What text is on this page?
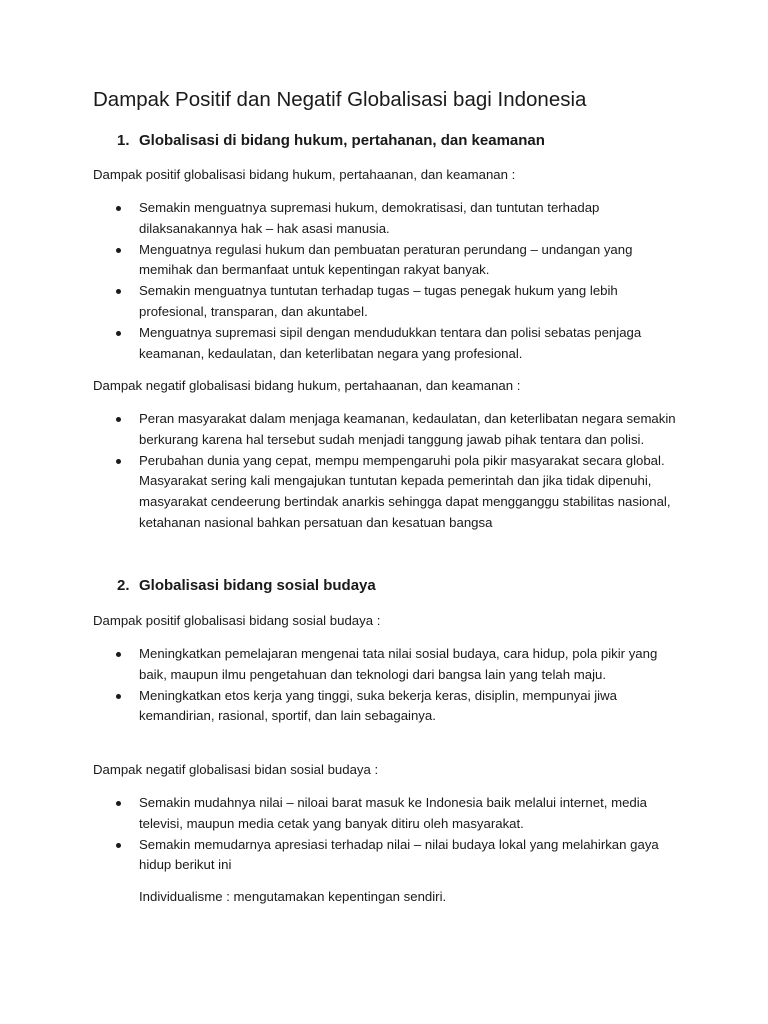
Dampak Positif dan Negatif Globalisasi bagi Indonesia
1. Globalisasi di bidang hukum, pertahanan, dan keamanan

Dampak positif globalisasi bidang hukum, pertahaanan, dan keamanan :

Semakin menguatnya supremasi hukum, demokratisasi, dan tuntutan terhadap dilaksanakannya hak – hak asasi manusia.
Menguatnya regulasi hukum dan pembuatan peraturan perundang – undangan yang memihak dan bermanfaat untuk kepentingan rakyat banyak.
Semakin menguatnya tuntutan terhadap tugas – tugas penegak hukum yang lebih profesional, transparan, dan akuntabel.
Menguatnya supremasi sipil dengan mendudukkan tentara dan polisi sebatas penjaga keamanan, kedaulatan, dan keterlibatan negara yang profesional.

Dampak negatif globalisasi bidang hukum, pertahaanan, dan keamanan :

Peran masyarakat dalam menjaga keamanan, kedaulatan, dan keterlibatan negara semakin berkurang karena hal tersebut sudah menjadi tanggung jawab pihak tentara dan polisi.
Perubahan dunia yang cepat, mempu mempengaruhi pola pikir masyarakat secara global. Masyarakat sering kali mengajukan tuntutan kepada pemerintah dan jika tidak dipenuhi, masyarakat cendeerung bertindak anarkis sehingga dapat mengganggu stabilitas nasional, ketahanan nasional bahkan persatuan dan kesatuan bangsa
2. Globalisasi bidang sosial budaya

Dampak positif globalisasi bidang sosial budaya :

Meningkatkan pemelajaran mengenai tata nilai sosial budaya, cara hidup, pola pikir yang baik, maupun ilmu pengetahuan dan teknologi dari bangsa lain yang telah maju.
Meningkatkan etos kerja yang tinggi, suka bekerja keras, disiplin, mempunyai jiwa kemandirian, rasional, sportif, dan lain sebagainya.

Dampak negatif globalisasi bidan sosial budaya :

Semakin mudahnya nilai – niloai barat masuk ke Indonesia baik melalui internet, media televisi, maupun media cetak yang banyak ditiru oleh masyarakat.
Semakin memudarnya apresiasi terhadap nilai – nilai budaya lokal yang melahirkan gaya hidup berikut ini

Individualisme : mengutamakan kepentingan sendiri.
